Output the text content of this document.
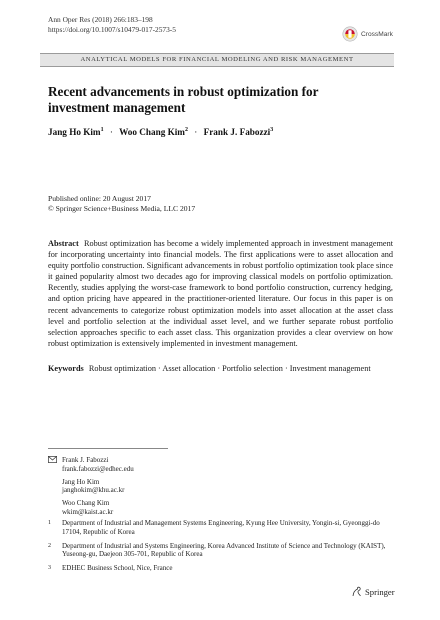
Ann Oper Res (2018) 266:183–198
https://doi.org/10.1007/s10479-017-2573-5
CrossMark
ANALYTICAL MODELS FOR FINANCIAL MODELING AND RISK MANAGEMENT
Recent advancements in robust optimization for investment management
Jang Ho Kim$^1$ · Woo Chang Kim$^2$ · Frank J. Fabozzi$^3$
Published online: 20 August 2017
© Springer Science+Business Media, LLC 2017
Abstract Robust optimization has become a widely implemented approach in investment management for incorporating uncertainty into financial models. The first applications were to asset allocation and equity portfolio construction. Significant advancements in robust portfolio optimization took place since it gained popularity almost two decades ago for improving classical models on portfolio optimization. Recently, studies applying the worst-case framework to bond portfolio construction, currency hedging, and option pricing have appeared in the practitioner-oriented literature. Our focus in this paper is on recent advancements to categorize robust optimization models into asset allocation at the asset class level and portfolio selection at the individual asset level, and we further separate robust portfolio selection approaches specific to each asset class. This organization provides a clear overview on how robust optimization is extensively implemented in investment management.
Keywords Robust optimization · Asset allocation · Portfolio selection · Investment management
Frank J. Fabozzi
frank.fabozzi@edhec.edu
Jang Ho Kim
janghokim@khu.ac.kr
Woo Chang Kim
wkim@kaist.ac.kr
1	Department of Industrial and Management Systems Engineering, Kyung Hee University, Yongin-si, Gyeonggi-do 17104, Republic of Korea
2	Department of Industrial and Systems Engineering, Korea Advanced Institute of Science and Technology (KAIST), Yuseong-gu, Daejeon 305-701, Republic of Korea
3	EDHEC Business School, Nice, France
Springer
